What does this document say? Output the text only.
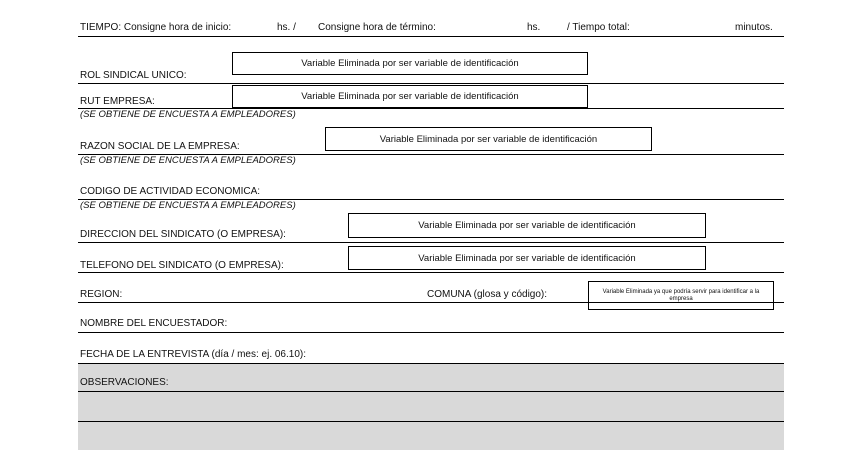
TIEMPO: Consigne hora de inicio:	hs. / Consigne hora de término:	hs.	/ Tiempo total:	minutos.
ROL SINDICAL UNICO:
Variable Eliminada por ser variable de identificación
RUT EMPRESA:	Variable Eliminada por ser variable de identificación
(SE OBTIENE DE ENCUESTA A EMPLEADORES)
RAZON SOCIAL DE LA EMPRESA:
Variable Eliminada por ser variable de identificación
(SE OBTIENE DE ENCUESTA A EMPLEADORES)
CODIGO DE ACTIVIDAD ECONOMICA:
(SE OBTIENE DE ENCUESTA A EMPLEADORES)
DIRECCION DEL SINDICATO (O EMPRESA):
Variable Eliminada por ser variable de identificación
TELEFONO DEL SINDICATO (O EMPRESA):
Variable Eliminada por ser variable de identificación
REGION:	COMUNA (glosa y código):	Variable Eliminada ya que podría servir para identificar a la empresa
NOMBRE DEL ENCUESTADOR:
FECHA DE LA ENTREVISTA (día / mes: ej. 06.10):
OBSERVACIONES:
